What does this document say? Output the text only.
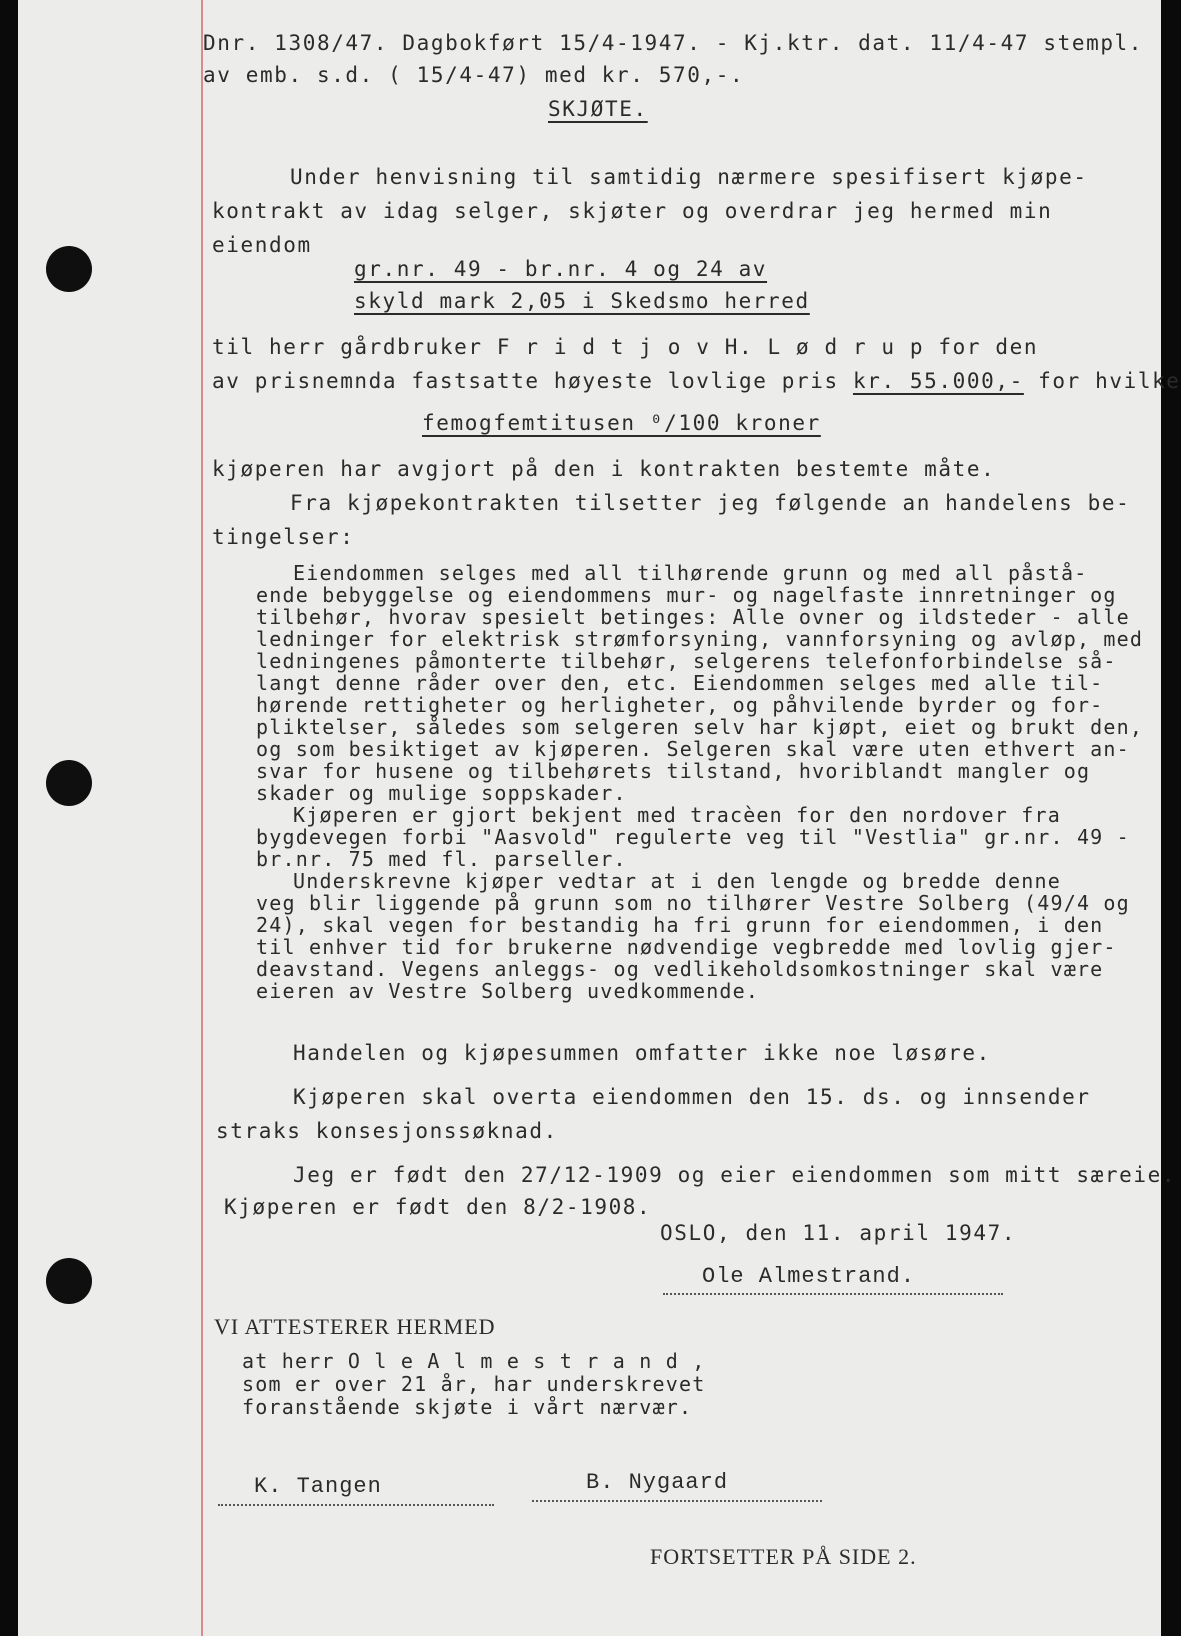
Dnr. 1308/47. Dagbokført 15/4-1947. - Kj.ktr. dat. 11/4-47 stempl.
av emb. s.d. ( 15/4-47) med kr. 570,-.
SKJØTE.
Under henvisning til samtidig nærmere spesifisert kjøpe-
kontrakt av idag selger, skjøter og overdrar jeg hermed min
eiendom
gr.nr. 49 - br.nr. 4 og 24 av
skyld mark 2,05 i Skedsmo herred
til herr gårdbruker F r i d t j o v H. L ø d r u p for den
av prisnemnda fastsatte høyeste lovlige pris kr. 55.000,- for hvilke
femogfemtitusen ⁰/100 kroner
kjøperen har avgjort på den i kontrakten bestemte måte.
Fra kjøpekontrakten tilsetter jeg følgende an handelens be-
tingelser:
Eiendommen selges med all tilhørende grunn og med all påstå-
ende bebyggelse og eiendommens mur- og nagelfaste innretninger og
tilbehør, hvorav spesielt betinges: Alle ovner og ildsteder - alle
ledninger for elektrisk strømforsyning, vannforsyning og avløp, med
ledningenes påmonterte tilbehør, selgerens telefonforbindelse så-
langt denne råder over den, etc. Eiendommen selges med alle til-
hørende rettigheter og herligheter, og påhvilende byrder og for-
pliktelser, således som selgeren selv har kjøpt, eiet og brukt den,
og som besiktiget av kjøperen. Selgeren skal være uten ethvert an-
svar for husene og tilbehørets tilstand, hvoriblandt mangler og
skader og mulige soppskader.
Kjøperen er gjort bekjent med tracèen for den nordover fra
bygdevegen forbi "Aasvold" regulerte veg til "Vestlia" gr.nr. 49 -
br.nr. 75 med fl. parseller.
Underskrevne kjøper vedtar at i den lengde og bredde denne
veg blir liggende på grunn som no tilhører Vestre Solberg (49/4 og
24), skal vegen for bestandig ha fri grunn for eiendommen, i den
til enhver tid for brukerne nødvendige vegbredde med lovlig gjer-
deavstand. Vegens anleggs- og vedlikeholdsomkostninger skal være
eieren av Vestre Solberg uvedkommende.
Handelen og kjøpesummen omfatter ikke noe løsøre.
Kjøperen skal overta eiendommen den 15. ds. og innsender
straks konsesjonssøknad.
Jeg er født den 27/12-1909 og eier eiendommen som mitt særeie.
Kjøperen er født den 8/2-1908.
OSLO, den 11. april 1947.
Ole Almestrand.
VI ATTESTERER HERMED
at herr O l e A l m e s t r a n d ,
som er over 21 år, har underskrevet
foranstående skjøte i vårt nærvær.
K. Tangen	B. Nygaard
FORTSETTER PÅ SIDE 2.
